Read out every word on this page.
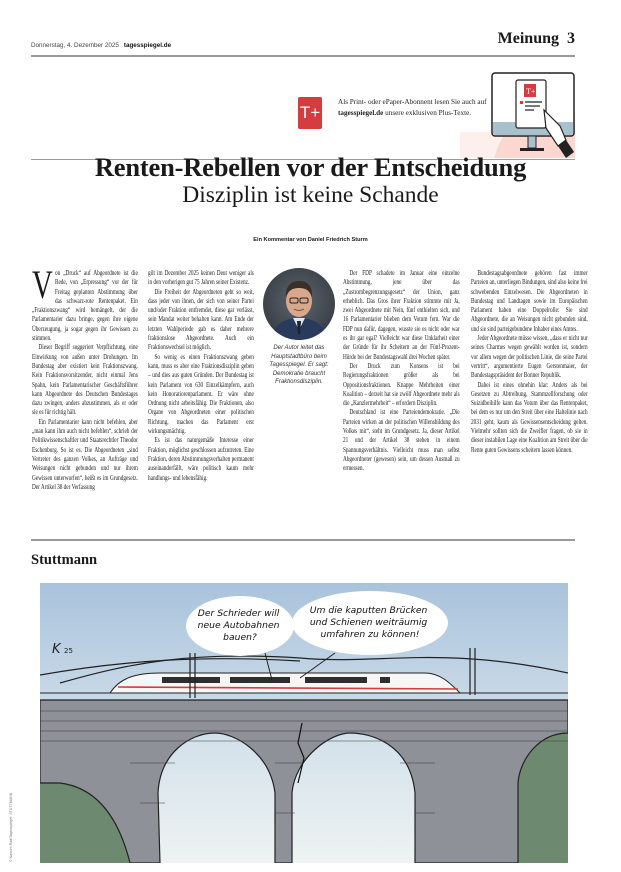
Donnerstag, 4. Dezember 2025 tagesspiegel.de	Meinung 3
T+
Als Print- oder ePaper-Abonnent lesen Sie auch auf tagesspiegel.de unsere exklusiven Plus-Texte.
T+
Renten-Rebellen vor der Entscheidung
Disziplin ist keine Schande
Ein Kommentar von Daniel Friedrich Sturm

Von „Druck“ auf Abgeordnete ist die Rede, von „Erpressung“ vor der für Freitag geplanten Abstimmung über das schwarz-rote Rentenpaket. Ein „Fraktionszwang“ wird bemängelt, der die Parlamentarier dazu bringe, gegen ihre eigene Überzeugung, ja sogar gegen ihr Gewissen zu stimmen.

Dieser Begriff suggeriert Verpflichtung, eine Einwirkung von außen unter Drohungen. Im Bundestag aber existiert kein Fraktionszwang. Kein Fraktionsvorsitzender, nicht einmal Jens Spahn, kein Parlamentarischer Geschäftsführer kann Abgeordnete des Deutschen Bundestages dazu zwingen, anders abzustimmen, als er oder sie es für richtig hält.

Ein Parlamentarier kann nicht befehlen, aber „man kann ihm auch nicht befehlen“, schrieb der Politikwissenschaftler und Staatsrechtler Theodor Eschenburg. So ist es. Die Abgeordneten „sind Vertreter des ganzen Volkes, an Aufträge und Weisungen nicht gebunden und nur ihrem Gewissen unterworfen“, heißt es im Grundgesetz. Der Artikel 38 der Verfassung

gilt im Dezember 2025 keinen Deut weniger als in den vorherigen gut 75 Jahren seiner Existenz.

Die Freiheit der Abgeordneten geht so weit, dass jeder von ihnen, der sich von seiner Partei und/oder Fraktion entfremdet, diese gar verlässt, sein Mandat weiter behalten kann. Am Ende der letzten Wahlperiode gab es daher mehrere fraktionslose Abgeordnete. Auch ein Fraktionswechsel ist möglich.

So wenig es einen Fraktionszwang geben kann, muss es aber eine Fraktionsdisziplin geben – und dies aus guten Gründen. Der Bundestag ist kein Parlament von 630 Einzelkämpfern, auch kein Honoratiorenparlament. Er wäre ohne Ordnung nicht arbeitsfähig. Die Fraktionen, also Organe von Abgeordneten einer politischen Richtung, machen das Parlament erst wirkungsmächtig.

Es ist das naturgemäße Interesse einer Fraktion, möglichst geschlossen aufzutreten. Eine Fraktion, deren Abstimmungsverhalten permanent auseinanderfällt, wäre politisch kaum mehr handlungs- und lebensfähig.

Der Autor leitet das Hauptstadtbüro beim Tagesspiegel. Er sagt: Demokratie braucht Fraktionsdisziplin.

Der FDP schadete im Januar eine einzelne Abstimmung, jene über das „Zustrombegrenzungsgesetz“ der Union, ganz erheblich. Das Gros ihrer Fraktion stimmte mit Ja, zwei Abgeordnete mit Nein, fünf enthielten sich, und 16 Parlamentarier blieben dem Votum fern. War die FDP nun dafür, dagegen, wusste sie es nicht oder war es ihr gar egal? Vielleicht war diese Unklarheit einer der Gründe für ihr Scheitern an der Fünf-Prozent-Hürde bei der Bundestagswahl drei Wochen später.

Der Druck zum Konsens ist bei Regierungsfraktionen größer als bei Oppositionsfraktionen. Knappe Mehrheiten einer Koalition – derzeit hat sie zwölf Abgeordnete mehr als die „Kanzlermehrheit“ – erfordern Disziplin.

Deutschland ist eine Parteiendemokratie. „Die Parteien wirken an der politischen Willensbildung des Volkes mit“, steht im Grundgesetz. Ja, dieser Artikel 21 und der Artikel 38 stehen in einem Spannungsverhältnis. Vielleicht muss man selbst Abgeordneter (gewesen) sein, um dessen Ausmaß zu ermessen.

Bundestagsabgeordnete gehören fast immer Parteien an, unterliegen Bindungen, sind also keine frei schwebenden Einzelwesen. Die Abgeordneten in Bundestag und Landtagen sowie im Europäischen Parlament haben eine Doppelrolle: Sie sind Abgeordnete, die an Weisungen nicht gebunden sind, und sie sind parteigebundene Inhaber eines Amtes.

Jeder Abgeordnete müsse wissen, „dass er nicht nur seines Charmes wegen gewählt worden ist, sondern vor allem wegen der politischen Linie, die seine Partei vertritt“, argumentierte Eugen Gerstenmaier, der Bundestagspräsident der Bonner Republik.

Dabei ist eines ohnehin klar: Anders als bei Gesetzen zu Abtreibung, Stammzellforschung oder Suizidbeihilfe kann das Votum über das Rentenpaket, bei dem es nur um den Streit über eine Haltelinie nach 2031 geht, kaum als Gewissensentscheidung gelten. Vielmehr sollten sich die Zweifler fragen, ob sie in dieser instabilen Lage eine Koalition am Streit über die Rente guten Gewissens scheitern lassen können.

Stuttmann
K 25
Der Schrieder will neue Autobahnen bauen?
Um die kaputten Brücken und Schienen weiträumig umfahren zu können!
© Nassim Rad/Tagesspiegel: STUTTMANN
